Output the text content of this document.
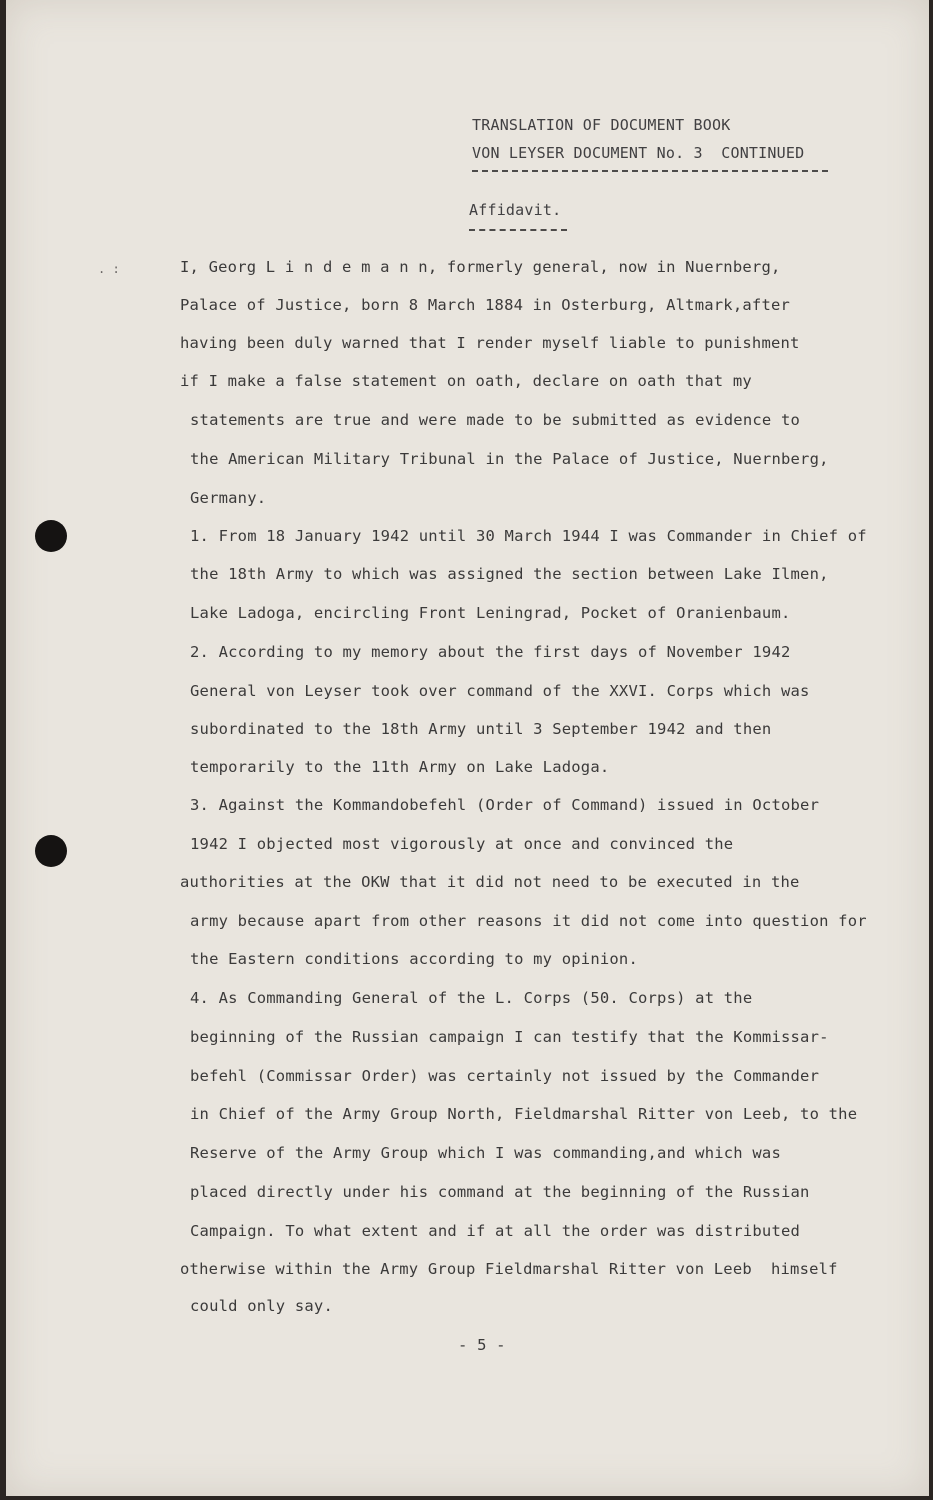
. :
TRANSLATION OF DOCUMENT BOOK
VON LEYSER DOCUMENT No. 3  CONTINUED
Affidavit.
I, Georg L i n d e m a n n, formerly general, now in Nuernberg,
Palace of Justice, born 8 March 1884 in Osterburg, Altmark,after
having been duly warned that I render myself liable to punishment
if I make a false statement on oath, declare on oath that my
statements are true and were made to be submitted as evidence to
the American Military Tribunal in the Palace of Justice, Nuernberg,
Germany.
1. From 18 January 1942 until 30 March 1944 I was Commander in Chief of
the 18th Army to which was assigned the section between Lake Ilmen,
Lake Ladoga, encircling Front Leningrad, Pocket of Oranienbaum.
2. According to my memory about the first days of November 1942
General von Leyser took over command of the XXVI. Corps which was
subordinated to the 18th Army until 3 September 1942 and then
temporarily to the 11th Army on Lake Ladoga.
3. Against the Kommandobefehl (Order of Command) issued in October
1942 I objected most vigorously at once and convinced the
authorities at the OKW that it did not need to be executed in the
army because apart from other reasons it did not come into question for
the Eastern conditions according to my opinion.
4. As Commanding General of the L. Corps (50. Corps) at the
beginning of the Russian campaign I can testify that the Kommissar-
befehl (Commissar Order) was certainly not issued by the Commander
in Chief of the Army Group North, Fieldmarshal Ritter von Leeb, to the
Reserve of the Army Group which I was commanding,and which was
placed directly under his command at the beginning of the Russian
Campaign. To what extent and if at all the order was distributed
otherwise within the Army Group Fieldmarshal Ritter von Leeb  himself
could only say.
- 5 -
